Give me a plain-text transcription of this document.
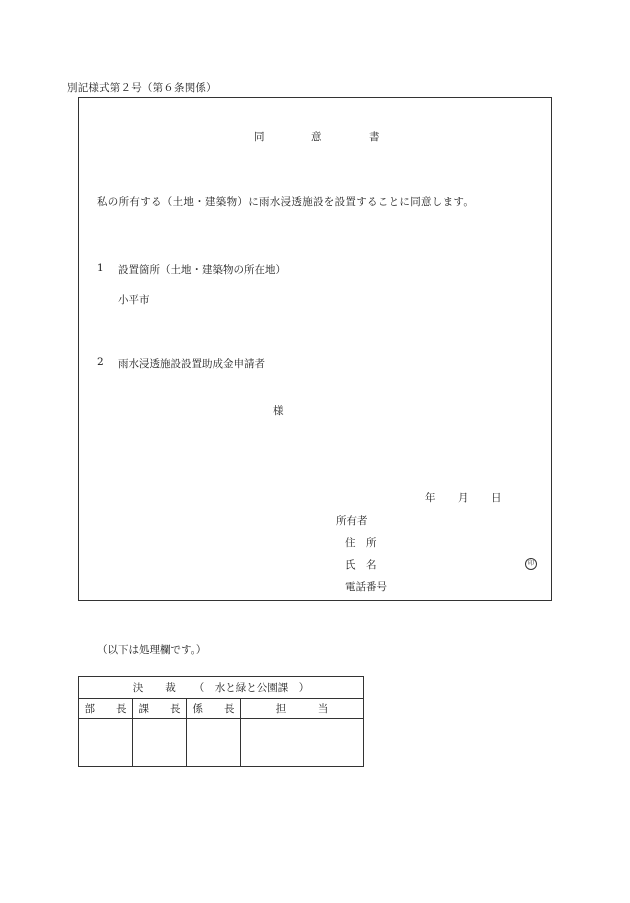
別記様式第２号（第６条関係）
同	意	書
私の所有する（土地・建築物）に雨水浸透施設を設置することに同意します。
1 設置箇所（土地・建築物の所在地）
小平市
2 雨水浸透施設設置助成金申請者
様
年 月 日
所有者
住　所
氏　名	印
電話番号
（以下は処理欄です。）
決 裁 （　水と緑と公園課　）			
部　　長	課　　長	係　　長	担　　　当
